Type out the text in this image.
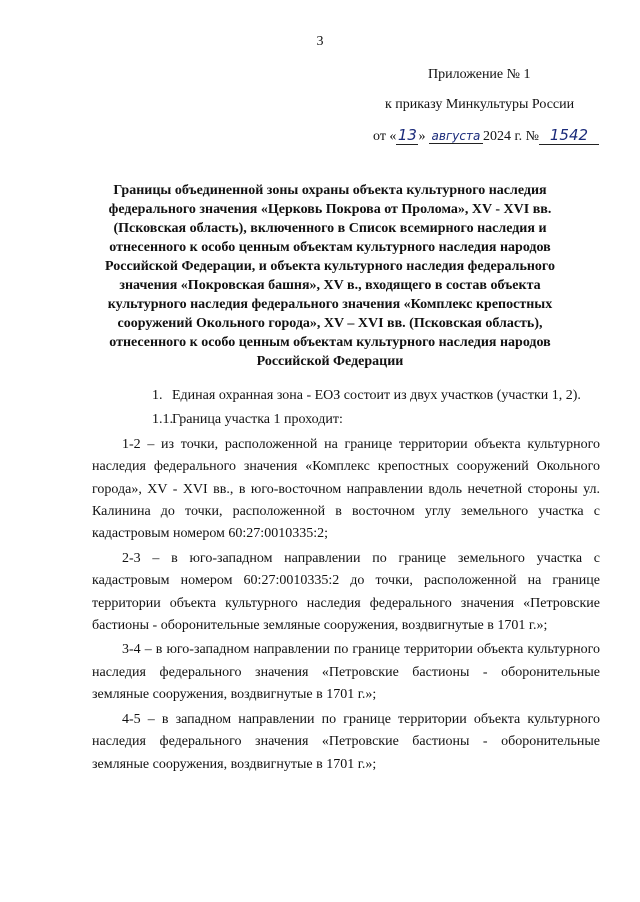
3
Приложение № 1
к приказу Минкультуры России
от «13» августа 2024 г. № 1542
Границы объединенной зоны охраны объекта культурного наследия федерального значения «Церковь Покрова от Пролома», XV - XVI вв. (Псковская область), включенного в Список всемирного наследия и отнесенного к особо ценным объектам культурного наследия народов Российской Федерации, и объекта культурного наследия федерального значения «Покровская башня», XV в., входящего в состав объекта культурного наследия федерального значения «Комплекс крепостных сооружений Окольного города», XV – XVI вв. (Псковская область), отнесенного к особо ценным объектам культурного наследия народов Российской Федерации

1. Единая охранная зона - ЕОЗ состоит из двух участков (участки 1, 2).

1.1.Граница участка 1 проходит:

1-2 – из точки, расположенной на границе территории объекта культурного наследия федерального значения «Комплекс крепостных сооружений Окольного города», XV - XVI вв., в юго-восточном направлении вдоль нечетной стороны ул. Калинина до точки, расположенной в восточном углу земельного участка с кадастровым номером 60:27:0010335:2;

2-3 – в юго-западном направлении по границе земельного участка с кадастровым номером 60:27:0010335:2 до точки, расположенной на границе территории объекта культурного наследия федерального значения «Петровские бастионы - оборонительные земляные сооружения, воздвигнутые в 1701 г.»;

3-4 – в юго-западном направлении по границе территории объекта культурного наследия федерального значения «Петровские бастионы - оборонительные земляные сооружения, воздвигнутые в 1701 г.»;

4-5 – в западном направлении по границе территории объекта культурного наследия федерального значения «Петровские бастионы - оборонительные земляные сооружения, воздвигнутые в 1701 г.»;
